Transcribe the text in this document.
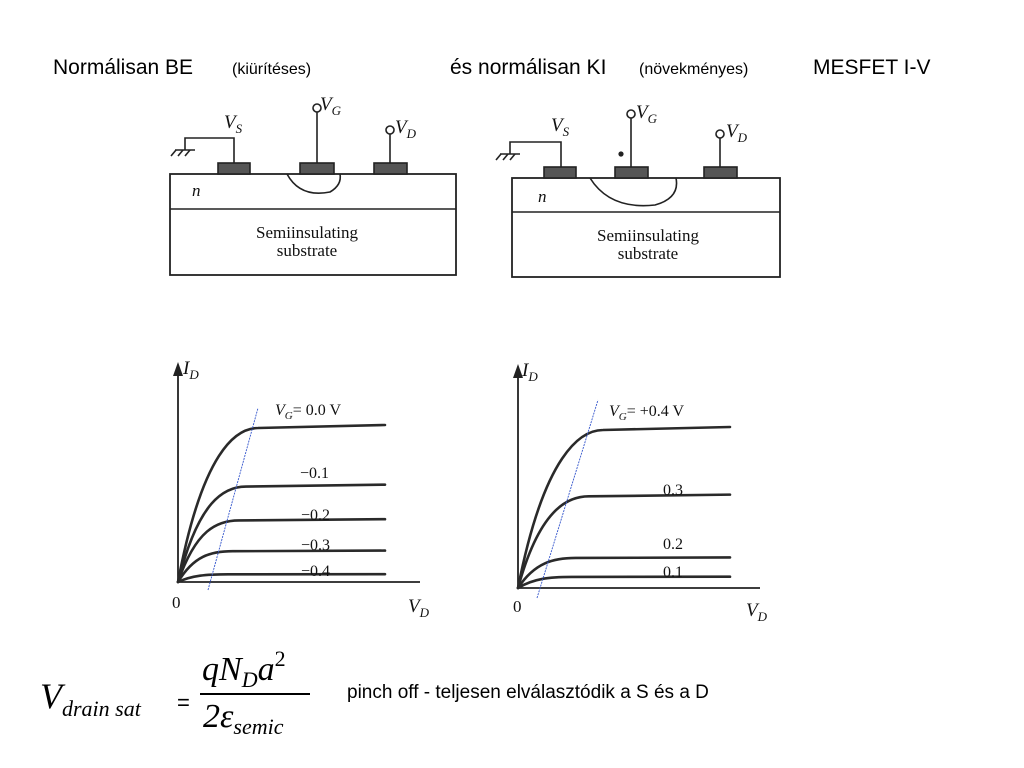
Normálisan BE (kiürítéses)	és normálisan KI (növekményes)	MESFET I-V
$V_S$
$V_G$
$V_D$
n
Semiinsulating
substrate
$V_S$
$V_G$
$V_D$
n
Semiinsulating
substrate
$I_D$
$V_D$
0
$V_G= 0.0$ V
−0.1
−0.2
−0.3
−0.4
$I_D$
$V_D$
0
$V_G= +0.4$ V
0.3
0.2
0.1
$V_{drain sat}$ =
$qN_Da^2$
$2\varepsilon_{semic}$
pinch off - teljesen elválasztódik a S és a D
